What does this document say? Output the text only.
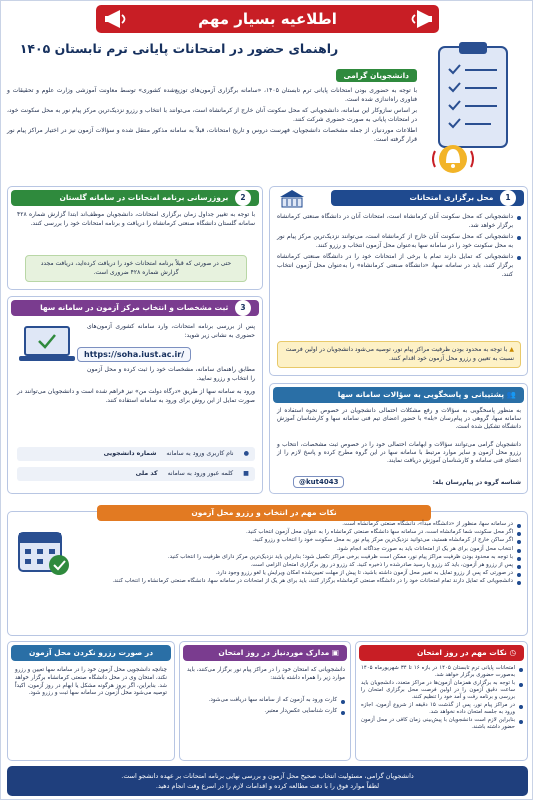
اطلاعیه بسیار مهم
راهنمای حضور در امتحانات پایانی ترم تابستان ۱۴۰۵
دانشجویان گرامی

با توجه به حضوری بودن امتحانات پایانی ترم تابستان ۱۴۰۵، «سامانه برگزاری آزمون‌های توزیع‌شده کشوری» توسط معاونت آموزشی وزارت علوم و تحقیقات و فناوری راه‌اندازی شده است.

بر اساس سازوکار این سامانه، دانشجویانی که محل سکونت آنان خارج از کرمانشاه است، می‌توانند با انتخاب و رزرو نزدیک‌ترین مرکز پیام نور به محل سکونت خود، در امتحانات پایانی به صورت حضوری شرکت کنند.

اطلاعات موردنیاز، از جمله مشخصات دانشجویان، فهرست دروس و تاریخ امتحانات، قبلاً به سامانه مذکور منتقل شده و سؤالات آزمون نیز در اختیار مراکز پیام نور قرار گرفته است.

1 محل برگزاری امتحانات
دانشجویانی که محل سکونت آنان کرمانشاه است، امتحانات آنان در دانشگاه صنعتی کرمانشاه برگزار خواهد شد.
دانشجویانی که محل سکونت آنان خارج از کرمانشاه است، می‌توانند نزدیک‌ترین مرکز پیام نور به محل سکونت خود را در سامانه سها به‌عنوان محل آزمون انتخاب و رزرو کنند.
دانشجویانی که تمایل دارند تمام یا برخی از امتحانات خود را در دانشگاه صنعتی کرمانشاه برگزار کنند، باید در سامانه سها، «دانشگاه صنعتی کرمانشاه» را به‌عنوان محل آزمون انتخاب کنند.
▲ با توجه به محدود بودن ظرفیت مراکز پیام نور، توصیه می‌شود دانشجویان در اولین فرصت نسبت به تعیین و رزرو محل آزمون خود اقدام کنند.
2 بروزرسانی برنامه امتحانات در سامانه گلستان
با توجه به تغییر جداول زمان برگزاری امتحانات، دانشجویان موظف‌اند ابتدا گزارش شماره ۴۲۸ سامانه گلستان دانشگاه صنعتی کرمانشاه را دریافت و برنامه امتحانات خود را بررسی کنند.
حتی در صورتی که قبلاً برنامه امتحانات خود را دریافت کرده‌اید، دریافت مجدد گزارش شماره ۴۲۸ ضروری است.
3 ثبت مشخصات و انتخاب مرکز آزمون در سامانه سها
پس از بررسی برنامه امتحانات، وارد سامانه کشوری آزمون‌های حضوری به نشانی زیر شوید:
https://soha.iust.ac.ir/
مطابق راهنمای سامانه، مشخصات خود را ثبت کرده و محل آزمون را انتخاب و رزرو نمایید.
ورود به سامانه سها از طریق «درگاه دولت من» نیز فراهم شده است و دانشجویان می‌توانند در صورت تمایل از این روش برای ورود به سامانه استفاده کنند.
●
نام کاربری ورود به سامانه
شماره دانشجویی
■
کلمه عبور ورود به سامانه
کد ملی
👥 پشتیبانی و پاسخگویی به سؤالات سامانه سها
به منظور پاسخگویی به سؤالات و رفع مشکلات احتمالی دانشجویان در خصوص نحوه استفاده از سامانه سها، گروهی در پیام‌رسان «بله» با حضور اعضای تیم فنی سامانه سها و کارشناسان آموزش دانشگاه تشکیل شده است.
دانشجویان گرامی می‌توانند سؤالات و ابهامات احتمالی خود را در خصوص ثبت مشخصات، انتخاب و رزرو محل آزمون و سایر موارد مرتبط با سامانه سها در این گروه مطرح کرده و پاسخ لازم را از اعضای فنی سامانه و کارشناسان آموزش دریافت نمایند.
شناسه گروه در پیام‌رسان بله:
@kut4043
نکات مهم در انتخاب و رزرو محل آزمون
در سامانه سها، منظور از «دانشگاه مبدأ»، دانشگاه صنعتی کرمانشاه است.
اگر محل سکونت شما کرمانشاه است، در سامانه سها دانشگاه صنعتی کرمانشاه را به عنوان محل آزمون انتخاب کنید.
اگر ساکن خارج از کرمانشاه هستید، می‌توانید نزدیک‌ترین مرکز پیام نور به محل سکونت خود را انتخاب و رزرو کنید.
انتخاب محل آزمون برای هر یک از امتحانات باید به صورت جداگانه انجام شود.
با توجه به محدود بودن ظرفیت مراکز پیام نور، ممکن است ظرفیت برخی مراکز تکمیل شود؛ بنابراین باید نزدیک‌ترین مرکز دارای ظرفیت را انتخاب کنید.
پس از رزرو هر آزمون، باید کد رزرو یا رسید صادرشده را ذخیره کنید. کد رزرو در روز برگزاری امتحان الزامی است.
در صورتی که پس از رزرو تمایل به تغییر محل آزمون داشته باشید، تا پیش از مهلت تعیین‌شده امکان ویرایش یا لغو رزرو وجود دارد.
دانشجویانی که تمایل دارند تمام امتحانات خود را در دانشگاه صنعتی کرمانشاه برگزار کنند، باید برای هر یک از امتحانات در سامانه سها، دانشگاه صنعتی کرمانشاه را انتخاب کنند.
◷ نکات مهم در روز امتحان
امتحانات پایانی ترم تابستان ۱۴۰۵ در بازه ۱۶ تا ۳۴ شهریورماه ۱۴۰۵ به‌صورت حضوری برگزار خواهد شد.
با توجه به برگزاری همزمان آزمون‌ها در مراکز متعدد، دانشجویان باید ساعت دقیق آزمون را در اولین فرصت محل برگزاری امتحان را بررسی و برنامه رفت و آمد خود را تنظیم کنند.
در مراکز پیام نور، پس از گذشت ۱۵ دقیقه از شروع آزمون، اجازه ورود به جلسه امتحان داده نخواهد شد.
بنابراین لازم است دانشجویان با پیش‌بینی زمان کافی در محل آزمون حضور داشته باشند.
▣ مدارک موردنیاز در روز امتحان
دانشجویانی که امتحان خود را در مراکز پیام نور برگزار می‌کنند، باید موارد زیر را همراه داشته باشند:
کارت ورود به آزمون که از سامانه سها دریافت می‌شود.
کارت شناسایی عکس‌دار معتبر.
در صورت رزرو نکردن محل آزمون
چنانچه دانشجویی محل آزمون خود را در سامانه سها تعیین و رزرو نکند، امتحان وی در محل دانشگاه صنعتی کرمانشاه برگزار خواهد شد. بنابراین، اگر بروز هرگونه مشکل یا ابهام در روز آزمون، اکیداً توصیه می‌شود محل آزمون در سامانه سها ثبت و رزرو شود.
دانشجویان گرامی، مسئولیت انتخاب صحیح محل آزمون و بررسی نهایی برنامه امتحانات بر عهده دانشجو است.
لطفاً موارد فوق را با دقت مطالعه کرده و اقدامات لازم را در اسرع وقت انجام دهید.
